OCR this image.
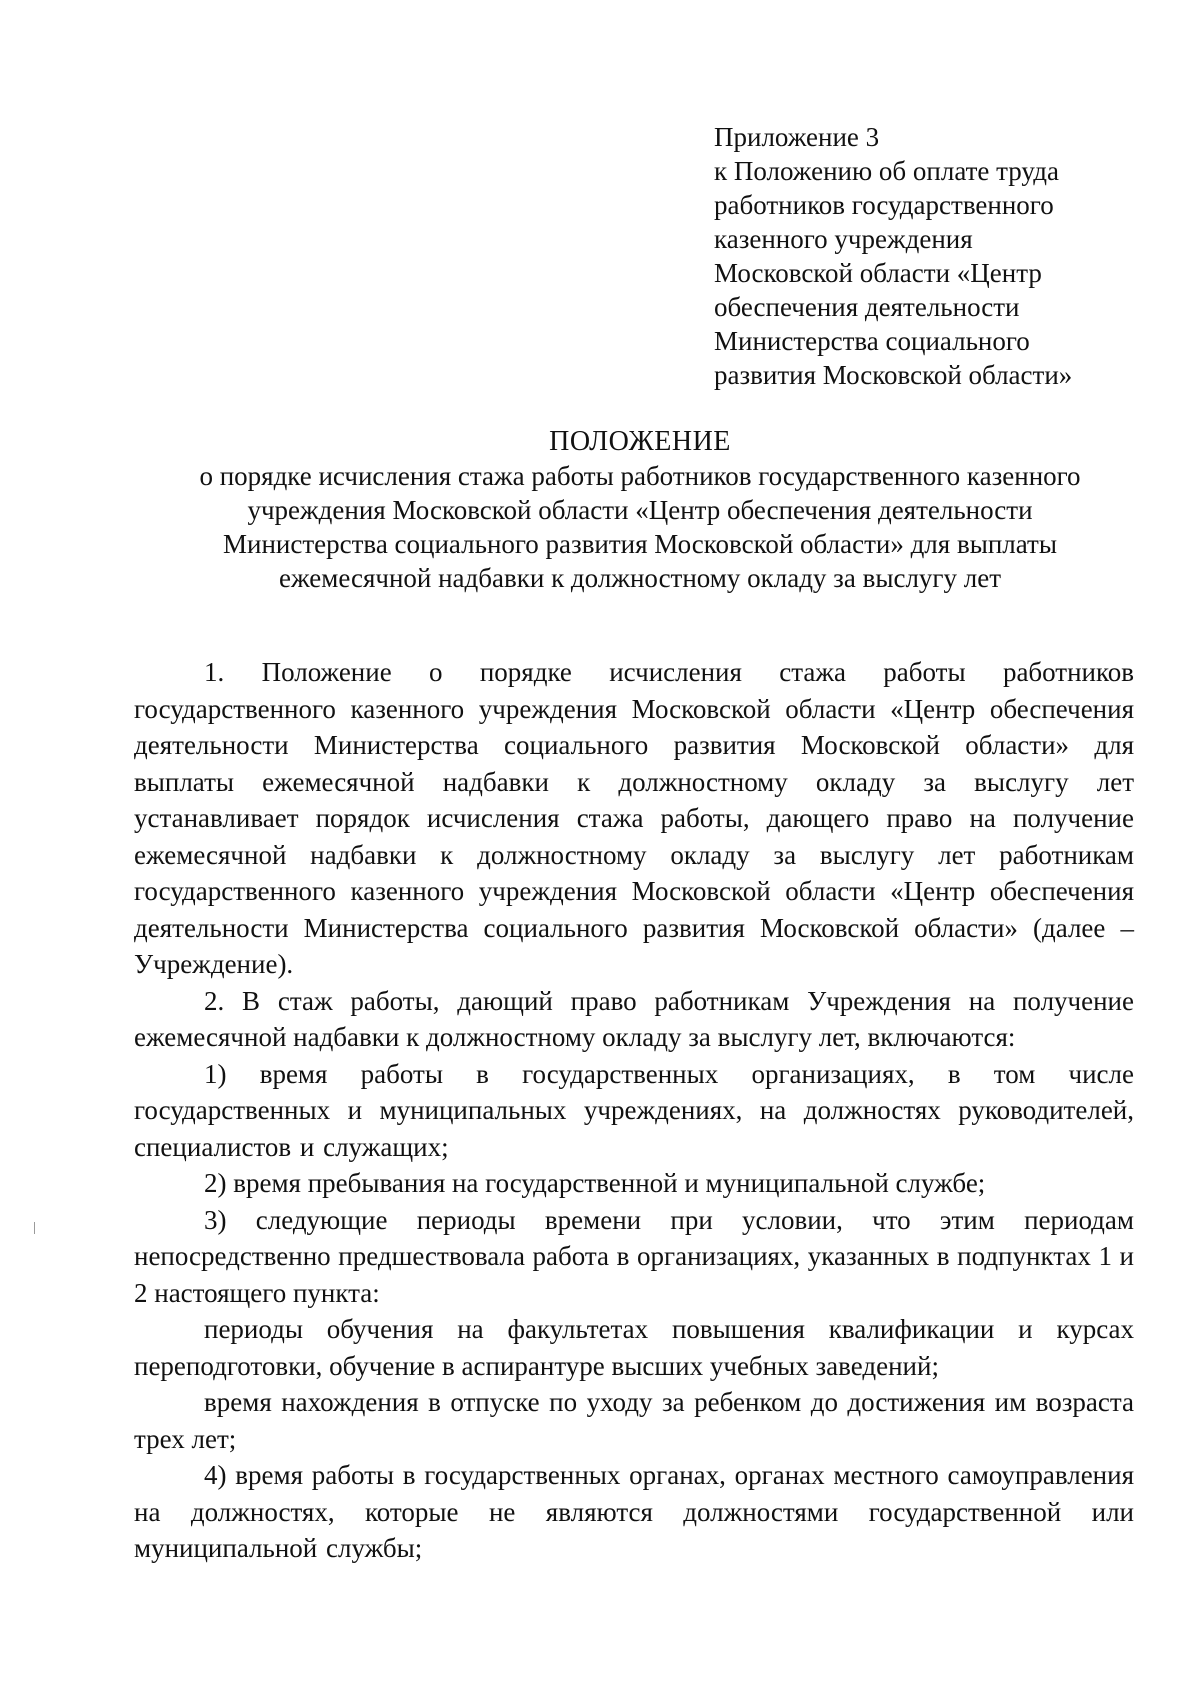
Приложение 3
к Положению об оплате труда
работников государственного
казенного учреждения
Московской области «Центр
обеспечения деятельности
Министерства социального
развития Московской области»
ПОЛОЖЕНИЕ
о порядке исчисления стажа работы работников государственного казенного
учреждения Московской области «Центр обеспечения деятельности
Министерства социального развития Московской области» для выплаты
ежемесячной надбавки к должностному окладу за выслугу лет

1. Положение о порядке исчисления стажа работы работников государственного казенного учреждения Московской области «Центр обеспечения деятельности Министерства социального развития Московской области» для выплаты ежемесячной надбавки к должностному окладу за выслугу лет устанавливает порядок исчисления стажа работы, дающего право на получение ежемесячной надбавки к должностному окладу за выслугу лет работникам государственного казенного учреждения Московской области «Центр обеспечения деятельности Министерства социального развития Московской области» (далее – Учреждение).

2. В стаж работы, дающий право работникам Учреждения на получение ежемесячной надбавки к должностному окладу за выслугу лет, включаются:

1) время работы в государственных организациях, в том числе государственных и муниципальных учреждениях, на должностях руководителей, специалистов и служащих;

2) время пребывания на государственной и муниципальной службе;

3) следующие периоды времени при условии, что этим периодам непосредственно предшествовала работа в организациях, указанных в подпунктах 1 и 2 настоящего пункта:

периоды обучения на факультетах повышения квалификации и курсах переподготовки, обучение в аспирантуре высших учебных заведений;

время нахождения в отпуске по уходу за ребенком до достижения им возраста трех лет;

4) время работы в государственных органах, органах местного самоуправления на должностях, которые не являются должностями государственной или муниципальной службы;
